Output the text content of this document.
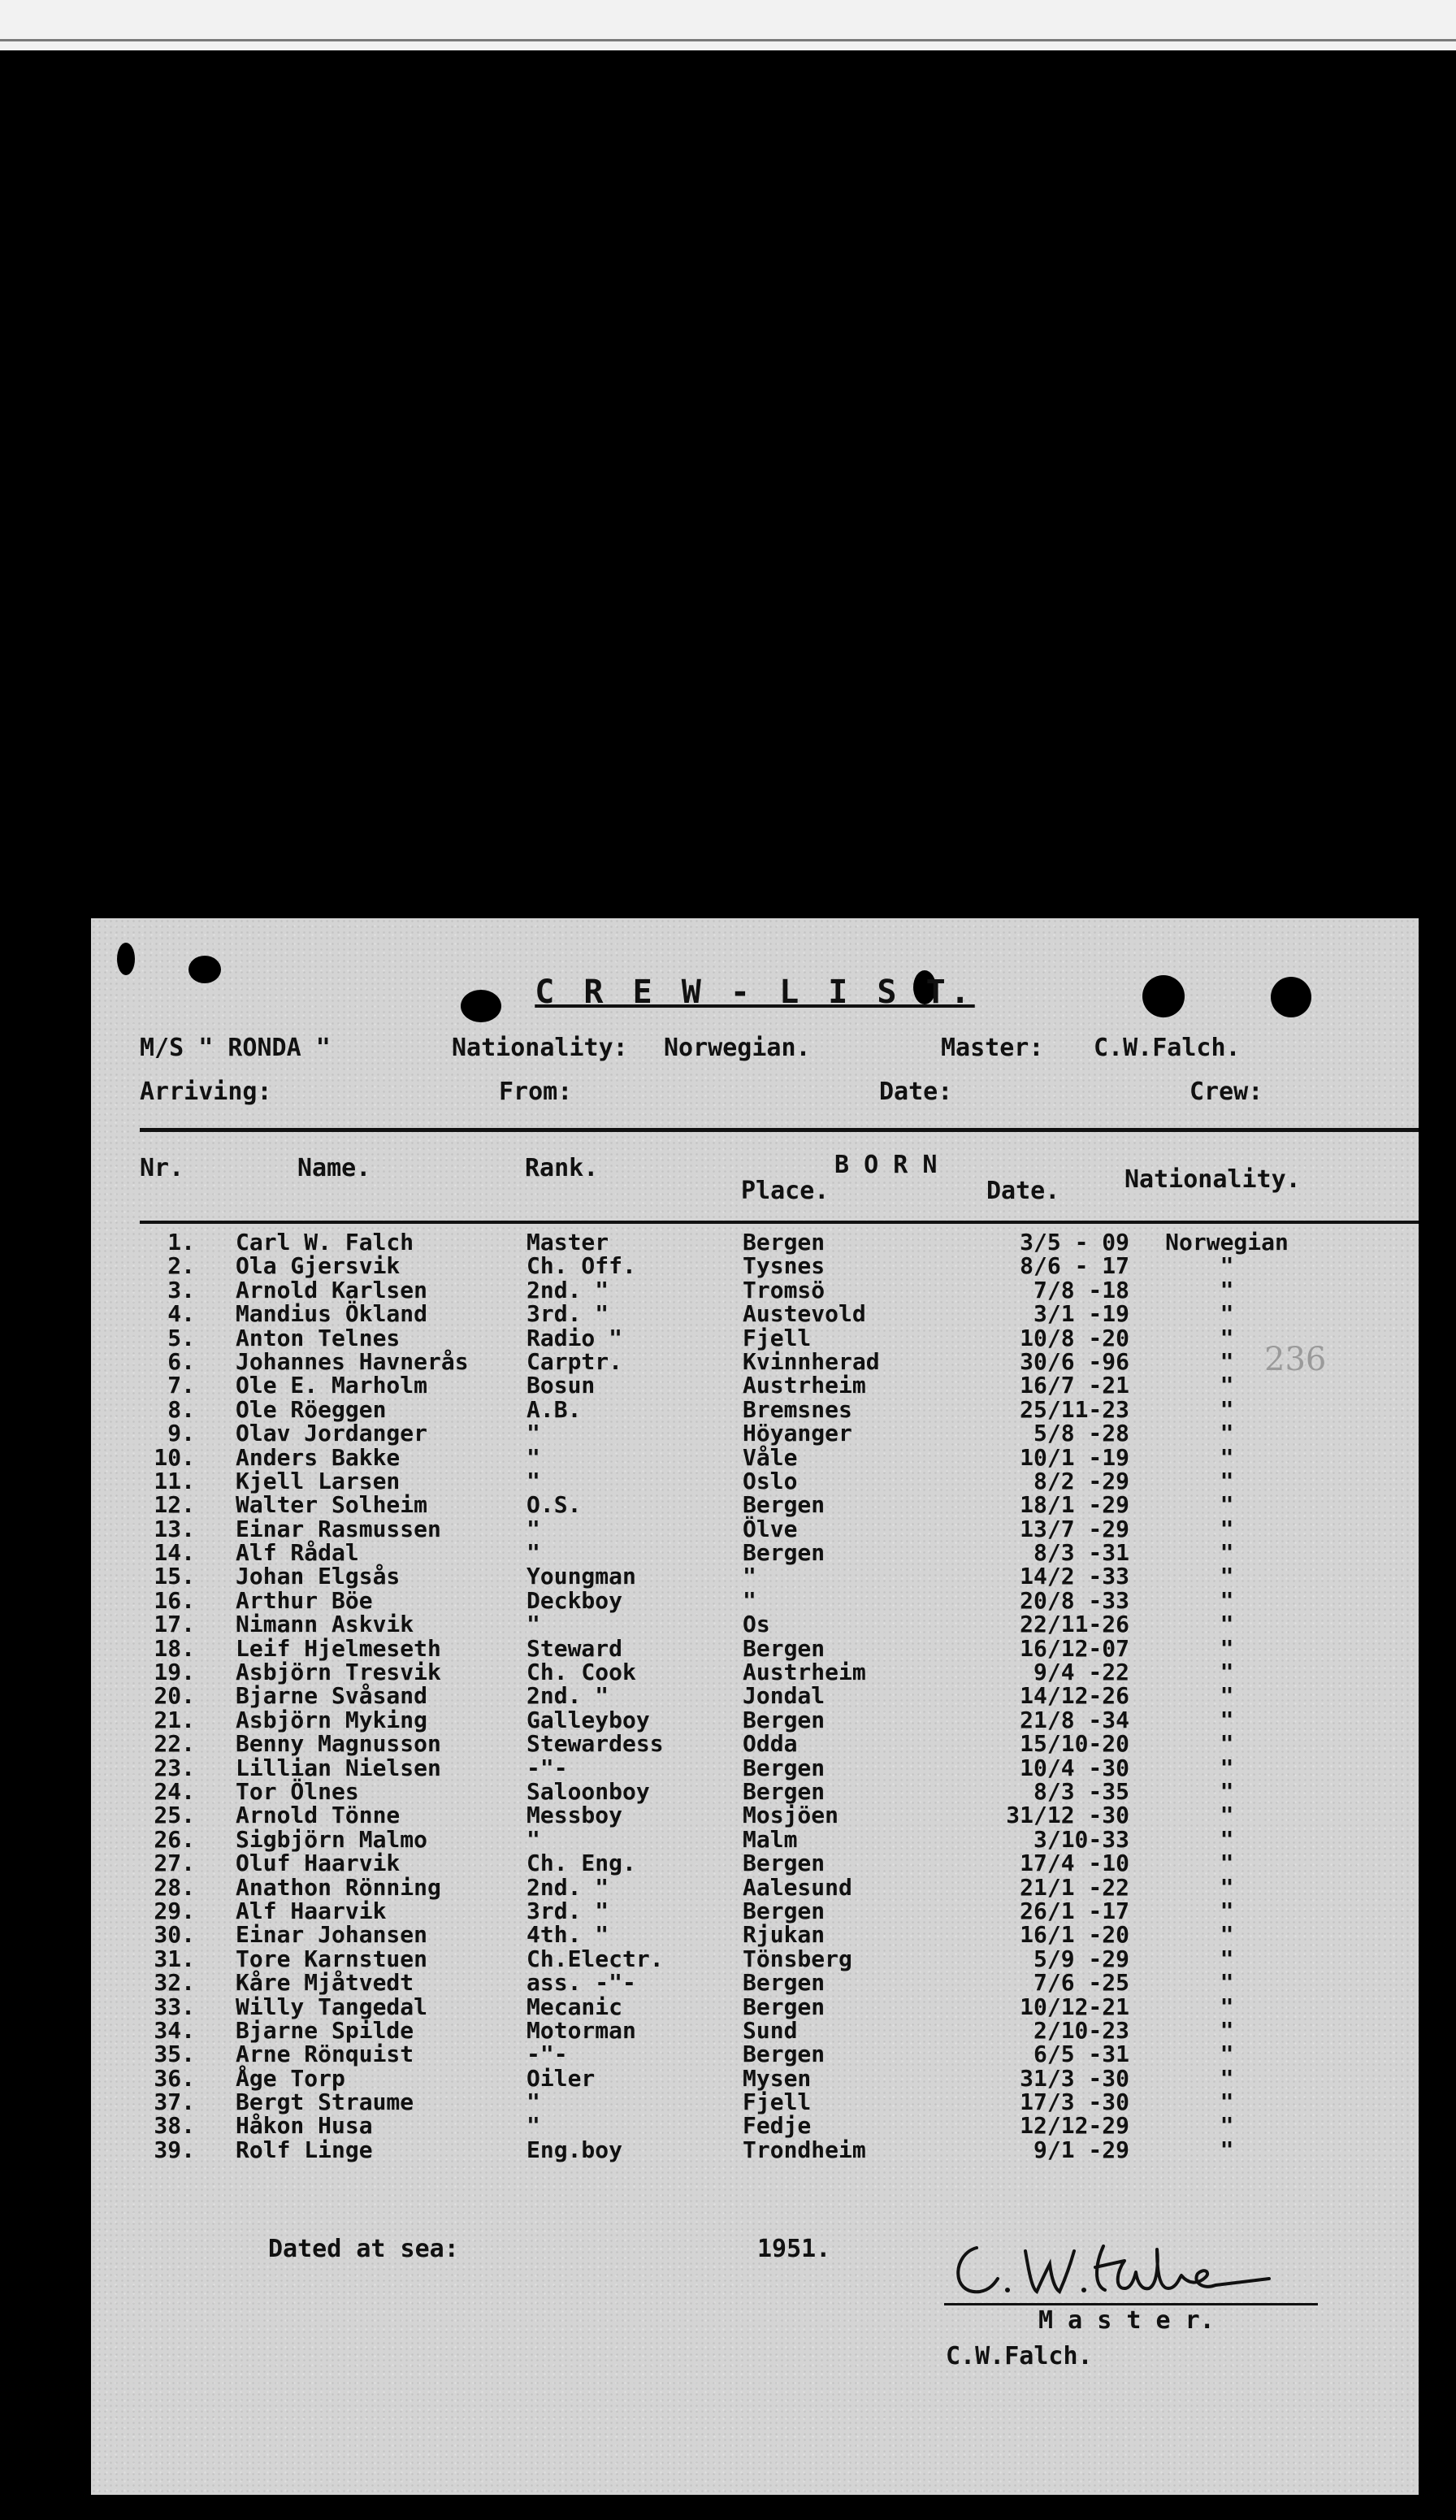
C R E W - L I S T.
M/S " RONDA "	Nationality: Norwegian.	Master: C.W.Falch.
Arriving:	From:	Date:	Crew:
Nr.	Name.	Rank.	B O R N
Place.	Date.	Nationality.
236
1. Carl W. Falch	Master	Bergen	3/5 - 09	Norwegian
2. Ola Gjersvik	Ch. Off.	Tysnes	8/6 - 17	"
3. Arnold Karlsen	2nd. "	Tromsö	7/8 -18	"
4. Mandius Ökland	3rd. "	Austevold	3/1 -19	"
5. Anton Telnes	Radio "	Fjell	10/8 -20	"
6. Johannes Havnerås	Carptr.	Kvinnherad	30/6 -96	"
7. Ole E. Marholm	Bosun	Austrheim	16/7 -21	"
8. Ole Röeggen	A.B.	Bremsnes	25/11-23	"
9. Olav Jordanger	"	Höyanger	5/8 -28	"
10. Anders Bakke	"	Våle	10/1 -19	"
11. Kjell Larsen	"	Oslo	8/2 -29	"
12. Walter Solheim	O.S.	Bergen	18/1 -29	"
13. Einar Rasmussen	"	Ölve	13/7 -29	"
14. Alf Rådal	"	Bergen	8/3 -31	"
15. Johan Elgsås	Youngman	"	14/2 -33	"
16. Arthur Böe	Deckboy	"	20/8 -33	"
17. Nimann Askvik	"	Os	22/11-26	"
18. Leif Hjelmeseth	Steward	Bergen	16/12-07	"
19. Asbjörn Tresvik	Ch. Cook	Austrheim	9/4 -22	"
20. Bjarne Svåsand	2nd. "	Jondal	14/12-26	"
21. Asbjörn Myking	Galleyboy	Bergen	21/8 -34	"
22. Benny Magnusson	Stewardess	Odda	15/10-20	"
23. Lillian Nielsen	-"-	Bergen	10/4 -30	"
24. Tor Ölnes	Saloonboy	Bergen	8/3 -35	"
25. Arnold Tönne	Messboy	Mosjöen	31/12 -30	"
26. Sigbjörn Malmo	"	Malm	3/10-33	"
27. Oluf Haarvik	Ch. Eng.	Bergen	17/4 -10	"
28. Anathon Rönning	2nd. "	Aalesund	21/1 -22	"
29. Alf Haarvik	3rd. "	Bergen	26/1 -17	"
30. Einar Johansen	4th. "	Rjukan	16/1 -20	"
31. Tore Karnstuen	Ch.Electr.	Tönsberg	5/9 -29	"
32. Kåre Mjåtvedt	ass. -"-	Bergen	7/6 -25	"
33. Willy Tangedal	Mecanic	Bergen	10/12-21	"
34. Bjarne Spilde	Motorman	Sund	2/10-23	"
35. Arne Rönquist	-"-	Bergen	6/5 -31	"
36. Åge Torp	Oiler	Mysen	31/3 -30	"
37. Bergt Straume	"	Fjell	17/3 -30	"
38. Håkon Husa	"	Fedje	12/12-29	"
39. Rolf Linge	Eng.boy	Trondheim	9/1 -29	"
Dated at sea:	1951.
M a s t e r.
C.W.Falch.
